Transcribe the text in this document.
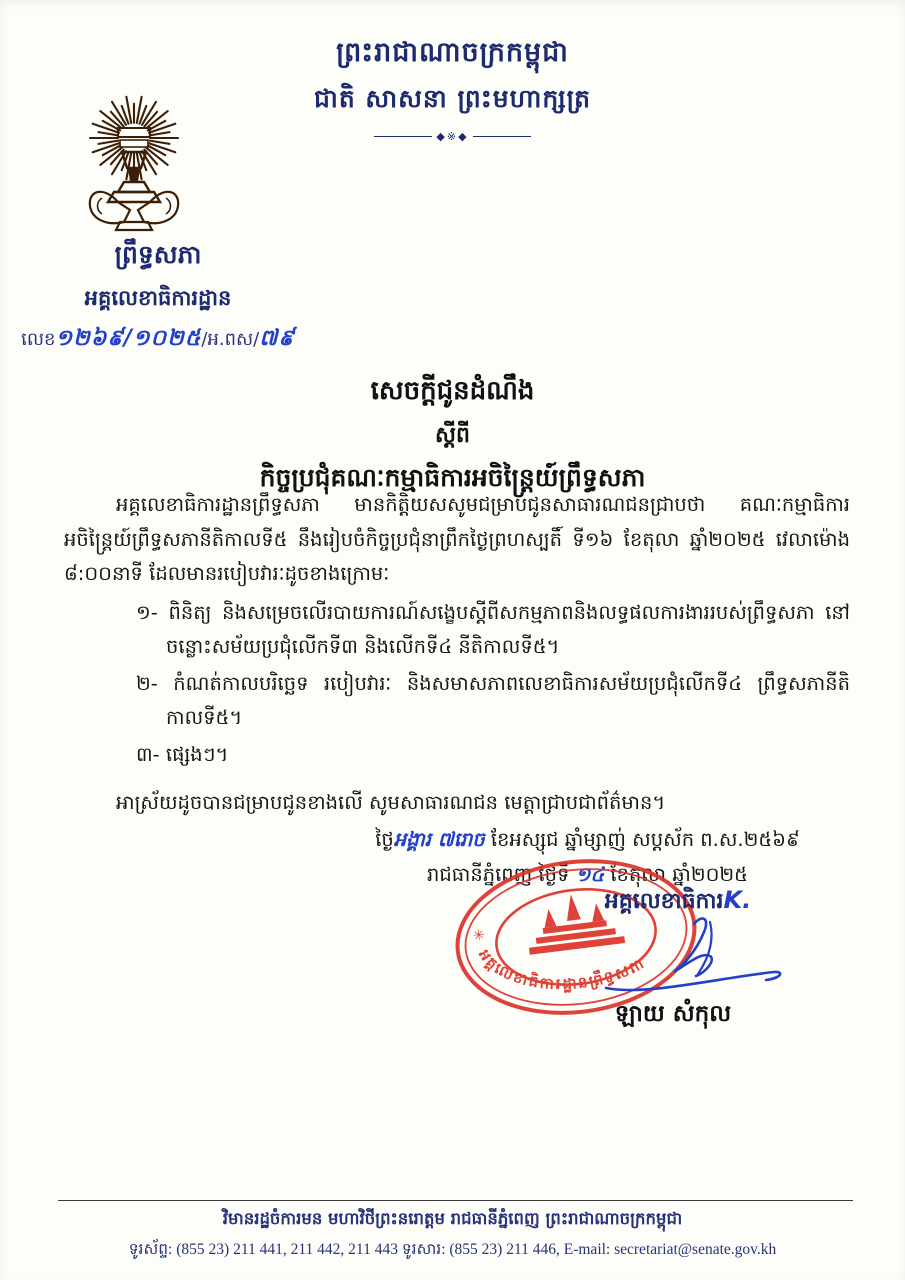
ព្រះរាជាណាចក្រកម្ពុជា
ជាតិ សាសនា ព្រះមហាក្សត្រ
◆※◆
ព្រឹទ្ធសភា
អគ្គលេខាធិការដ្ឋាន
លេខ១២៦៩/១០២៥/អ.ពស/៧៩
សេចក្តីជូនដំណឹង
ស្តីពី
កិច្ចប្រជុំគណៈកម្មាធិការអចិន្ត្រៃយ៍ព្រឹទ្ធសភា
អគ្គលេខាធិការដ្ឋានព្រឹទ្ធសភា មានកិត្តិយសសូមជម្រាបជូនសាធារណជនជ្រាបថា គណៈកម្មាធិការអចិន្ត្រៃយ៍ព្រឹទ្ធសភានីតិកាលទី៥ នឹងរៀបចំកិច្ចប្រជុំនាព្រឹកថ្ងៃព្រហស្បតិ៍ ទី១៦ ខែតុលា ឆ្នាំ២០២៥ វេលាម៉ោង ៨:០០នាទី ដែលមានរបៀបវារៈដូចខាងក្រោមៈ
១- ពិនិត្យ និងសម្រេចលើរបាយការណ៍សង្ខេបស្តីពីសកម្មភាពនិងលទ្ធផលការងាររបស់ព្រឹទ្ធសភា នៅចន្លោះសម័យប្រជុំលើកទី៣ និងលើកទី៤ នីតិកាលទី៥។
២- កំណត់កាលបរិច្ឆេទ របៀបវារៈ និងសមាសភាពលេខាធិការសម័យប្រជុំលើកទី៤ ព្រឹទ្ធសភានីតិកាលទី៥។
៣- ផ្សេងៗ។
អាស្រ័យដូចបានជម្រាបជូនខាងលើ សូមសាធារណជន មេត្តាជ្រាបជាព័ត៌មាន។
ថ្ងៃអង្គារ ៧រោច ខែអស្សុជ ឆ្នាំម្សាញ់ សប្តស័ក ព.ស.២៥៦៩
រាជធានីភ្នំពេញ ថ្ងៃទី ១៤ ខែតុលា ឆ្នាំ២០២៥
✳
អគ្គលេខាធិការដ្ឋានព្រឹទ្ធសភា
អគ្គលេខាធិការK.
ឡាយ សំកុល
វិមានរដ្ឋចំការមន មហាវិថីព្រះនរោត្តម រាជធានីភ្នំពេញ ព្រះរាជាណាចក្រកម្ពុជា
ទូរស័ព្ទ: (855 23) 211 441, 211 442, 211 443 ទូរសារ: (855 23) 211 446, E-mail: secretariat@senate.gov.kh
